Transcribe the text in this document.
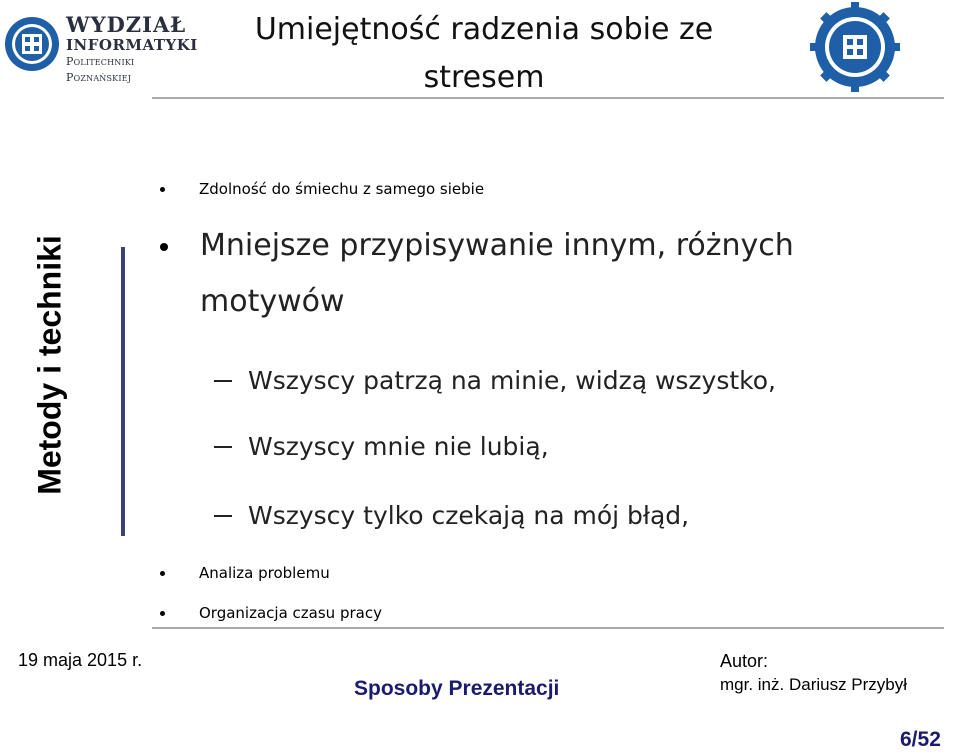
WYDZIAŁ
INFORMATYKI
Politechniki Poznańskiej
Umiejętność radzenia sobie ze stresem
Metody i techniki
Zdolność do śmiechu z samego siebie
Mniejsze przypisywanie innym, różnych motywów
Wszyscy patrzą na minie, widzą wszystko,
Wszyscy mnie nie lubią,
Wszyscy tylko czekają na mój błąd,
Analiza problemu
Organizacja czasu pracy
19 maja 2015 r.
Sposoby Prezentacji
Autor:
mgr. inż. Dariusz Przybył
6/52
